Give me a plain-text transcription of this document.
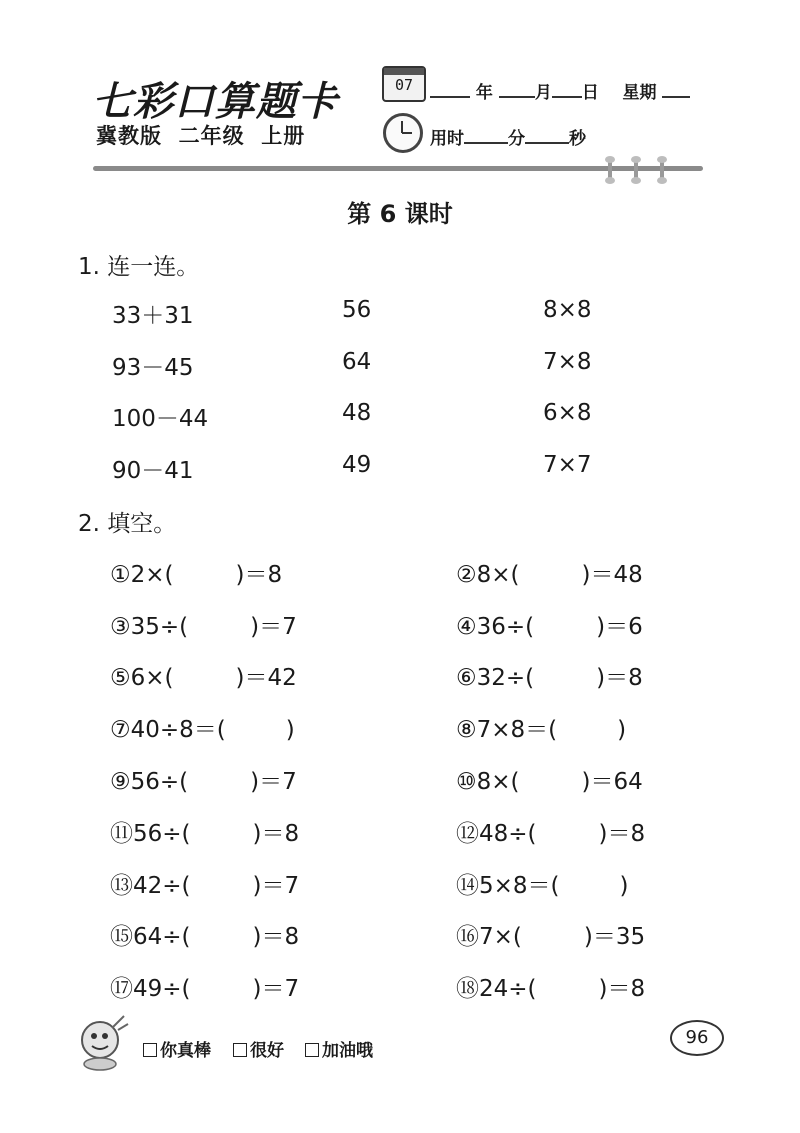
七彩口算题卡
冀教版 二年级 上册
07	年 月 日 星期
用时	分	秒
第 6 课时
1. 连一连。
33＋31	56	8×8
93－45	64	7×8
100－44	48	6×8
90－41	49	7×7
2. 填空。
①2×(	)＝8	②8×(	)＝48
③35÷(	)＝7	④36÷(	)＝6
⑤6×(	)＝42	⑥32÷(	)＝8
⑦40÷8＝(	)	⑧7×8＝(	)
⑨56÷(	)＝7	⑩8×(	)＝64
⑪56÷(	)＝8	⑫48÷(	)＝8
⑬42÷(	)＝7	⑭5×8＝(	)
⑮64÷(	)＝8	⑯7×(	)＝35
⑰49÷(	)＝7	⑱24÷(	)＝8
你真棒	很好	加油哦
96
